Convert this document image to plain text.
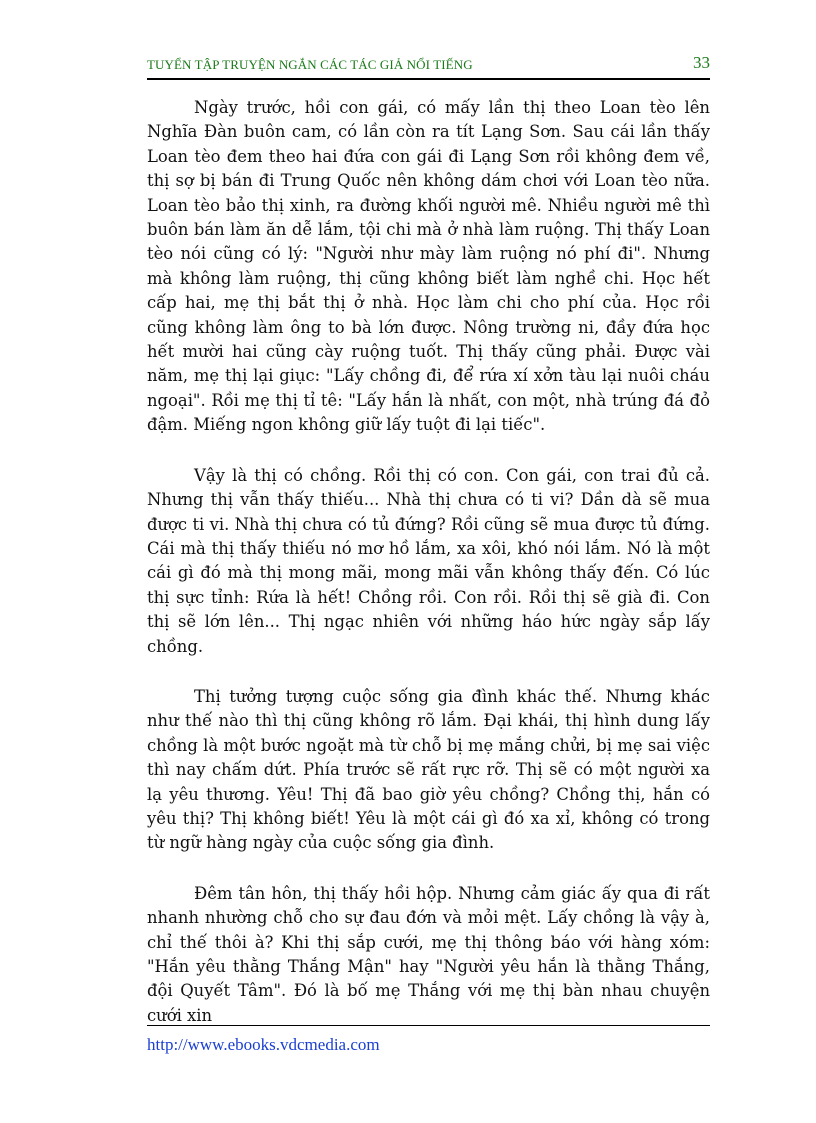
TUYỂN TẬP TRUYỆN NGẮN CÁC TÁC GIẢ NỔI TIẾNG	33

Ngày trước, hồi con gái, có mấy lần thị theo Loan tèo lên Nghĩa Đàn buôn cam, có lần còn ra tít Lạng Sơn. Sau cái lần thấy Loan tèo đem theo hai đứa con gái đi Lạng Sơn rồi không đem về, thị sợ bị bán đi Trung Quốc nên không dám chơi với Loan tèo nữa. Loan tèo bảo thị xinh, ra đường khối người mê. Nhiều người mê thì buôn bán làm ăn dễ lắm, tội chi mà ở nhà làm ruộng. Thị thấy Loan tèo nói cũng có lý: "Người như mày làm ruộng nó phí đi". Nhưng mà không làm ruộng, thị cũng không biết làm nghề chi. Học hết cấp hai, mẹ thị bắt thị ở nhà. Học làm chi cho phí của. Học rồi cũng không làm ông to bà lớn được. Nông trường ni, đầy đứa học hết mười hai cũng cày ruộng tuốt. Thị thấy cũng phải. Được vài năm, mẹ thị lại giục: "Lấy chồng đi, để rứa xí xởn tàu lại nuôi cháu ngoại". Rồi mẹ thị tỉ tê: "Lấy hắn là nhất, con một, nhà trúng đá đỏ đậm. Miếng ngon không giữ lấy tuột đi lại tiếc".

Vậy là thị có chồng. Rồi thị có con. Con gái, con trai đủ cả. Nhưng thị vẫn thấy thiếu... Nhà thị chưa có ti vi? Dần dà sẽ mua được ti vi. Nhà thị chưa có tủ đứng? Rồi cũng sẽ mua được tủ đứng. Cái mà thị thấy thiếu nó mơ hồ lắm, xa xôi, khó nói lắm. Nó là một cái gì đó mà thị mong mãi, mong mãi vẫn không thấy đến. Có lúc thị sực tỉnh: Rứa là hết! Chồng rồi. Con rồi. Rồi thị sẽ già đi. Con thị sẽ lớn lên... Thị ngạc nhiên với những háo hức ngày sắp lấy chồng.

Thị tưởng tượng cuộc sống gia đình khác thế. Nhưng khác như thế nào thì thị cũng không rõ lắm. Đại khái, thị hình dung lấy chồng là một bước ngoặt mà từ chỗ bị mẹ mắng chửi, bị mẹ sai việc thì nay chấm dứt. Phía trước sẽ rất rực rỡ. Thị sẽ có một người xa lạ yêu thương. Yêu! Thị đã bao giờ yêu chồng? Chồng thị, hắn có yêu thị? Thị không biết! Yêu là một cái gì đó xa xỉ, không có trong từ ngữ hàng ngày của cuộc sống gia đình.

Đêm tân hôn, thị thấy hồi hộp. Nhưng cảm giác ấy qua đi rất nhanh nhường chỗ cho sự đau đớn và mỏi mệt. Lấy chồng là vậy à, chỉ thế thôi à? Khi thị sắp cưới, mẹ thị thông báo với hàng xóm: "Hắn yêu thằng Thắng Mận" hay "Người yêu hắn là thằng Thắng, đội Quyết Tâm". Đó là bố mẹ Thắng với mẹ thị bàn nhau chuyện cưới xin

http://www.ebooks.vdcmedia.com
